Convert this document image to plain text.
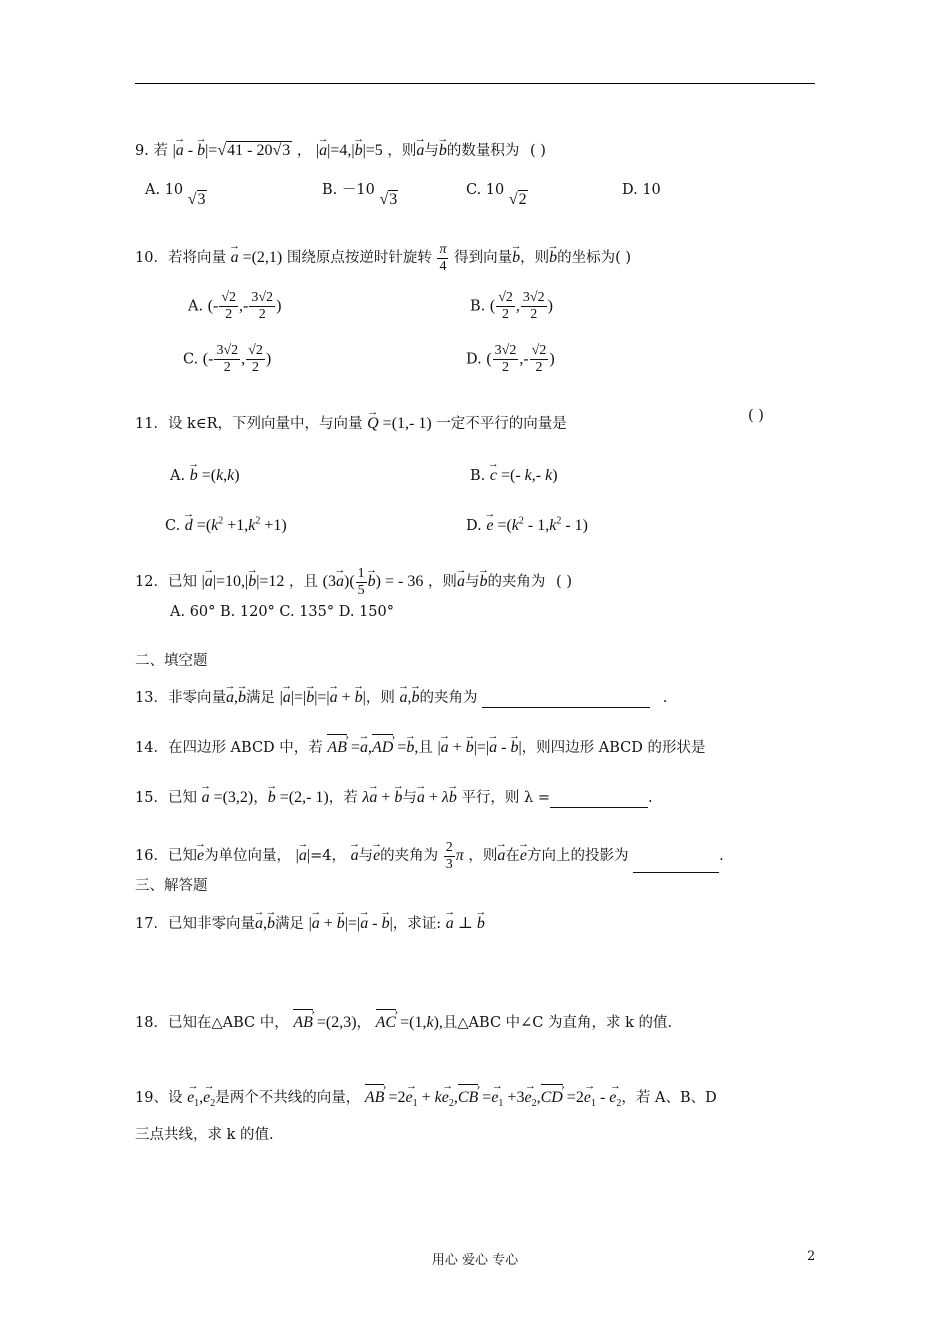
9. 若 |→ a - → b|=√41 - 20√3 ， |→ a|=4,|→ b|=5 ，则→ a与→ b的数量积为 ( )
A. 10 √3
B. －10 √3
C. 10 √2
D. 10
10．若将向量 → a =(2,1) 围绕原点按逆时针旋转 $\frac{\pi}{4}$ 得到向量→ b，则→ b的坐标为( )
A. (- $\frac{√2}{2}$ ,- $\frac{3√2}{2}$ )	B. ( $\frac{√2}{2}$ , $\frac{3√2}{2}$ )
C. (- $\frac{3√2}{2}$ , $\frac{√2}{2}$ )	D. ( $\frac{3√2}{2}$ ,- $\frac{√2}{2}$ )
11．设 k∈R，下列向量中，与向量 → Q =(1,- 1) 一定不平行的向量是	( )
A. → b =(k,k)	B. → c =(- k,- k)
C. → $d =(k^2 +1,k^2 +1)$	D. → $e =(k^2 - 1,k^2 - 1)$
12．已知 |→ a|=10,|→ b|=12 ，且 $(3\to a)( \frac{1}{5}$
→ b) = - 36 ，则→ a与→ b的夹角为 ( )
A. 60° B. 120° C. 135° D. 150°
二、填空题
13．非零向量→ a,→ b满足 |→ a|=|→ b|=|→ a + → b|，则 → a,→ b的夹角为	.
14．在四边形 ABCD 中，若 AB › =→ a,AD › =→ b,且 |→ a + → b|=|→ a - → b|，则四边形 ABCD 的形状是
15．已知 → a =(3,2)，→ b =(2,- 1)，若 λ→ a + → b与→ a + λ→ b 平行，则 λ =	.
16．已知→ e为单位向量， |→ a|=4， → a与→ e的夹角为 $\frac{2}{3}$ π ，则→ a在→ e方向上的投影为	.
三、解答题
17．已知非零向量→ a,→ b满足 |→ a + → b|=|→ a - → b|，求证: → a ⊥ → b
18．已知在△ABC 中， AB › =(2,3)， AC › =(1,k),且△ABC 中∠C 为直角，求 k 的值.
19、设 → $e_1,\to e_2$是两个不共线的向量， AB › $=2\to e_1 + k\to e_2,CB$ › =→ $e_1 +3\to e_2,CD$ › $=2\to e_1$ - → $e_2$，若 A、B、D
三点共线，求 k 的值.
用心 爱心 专心	2
